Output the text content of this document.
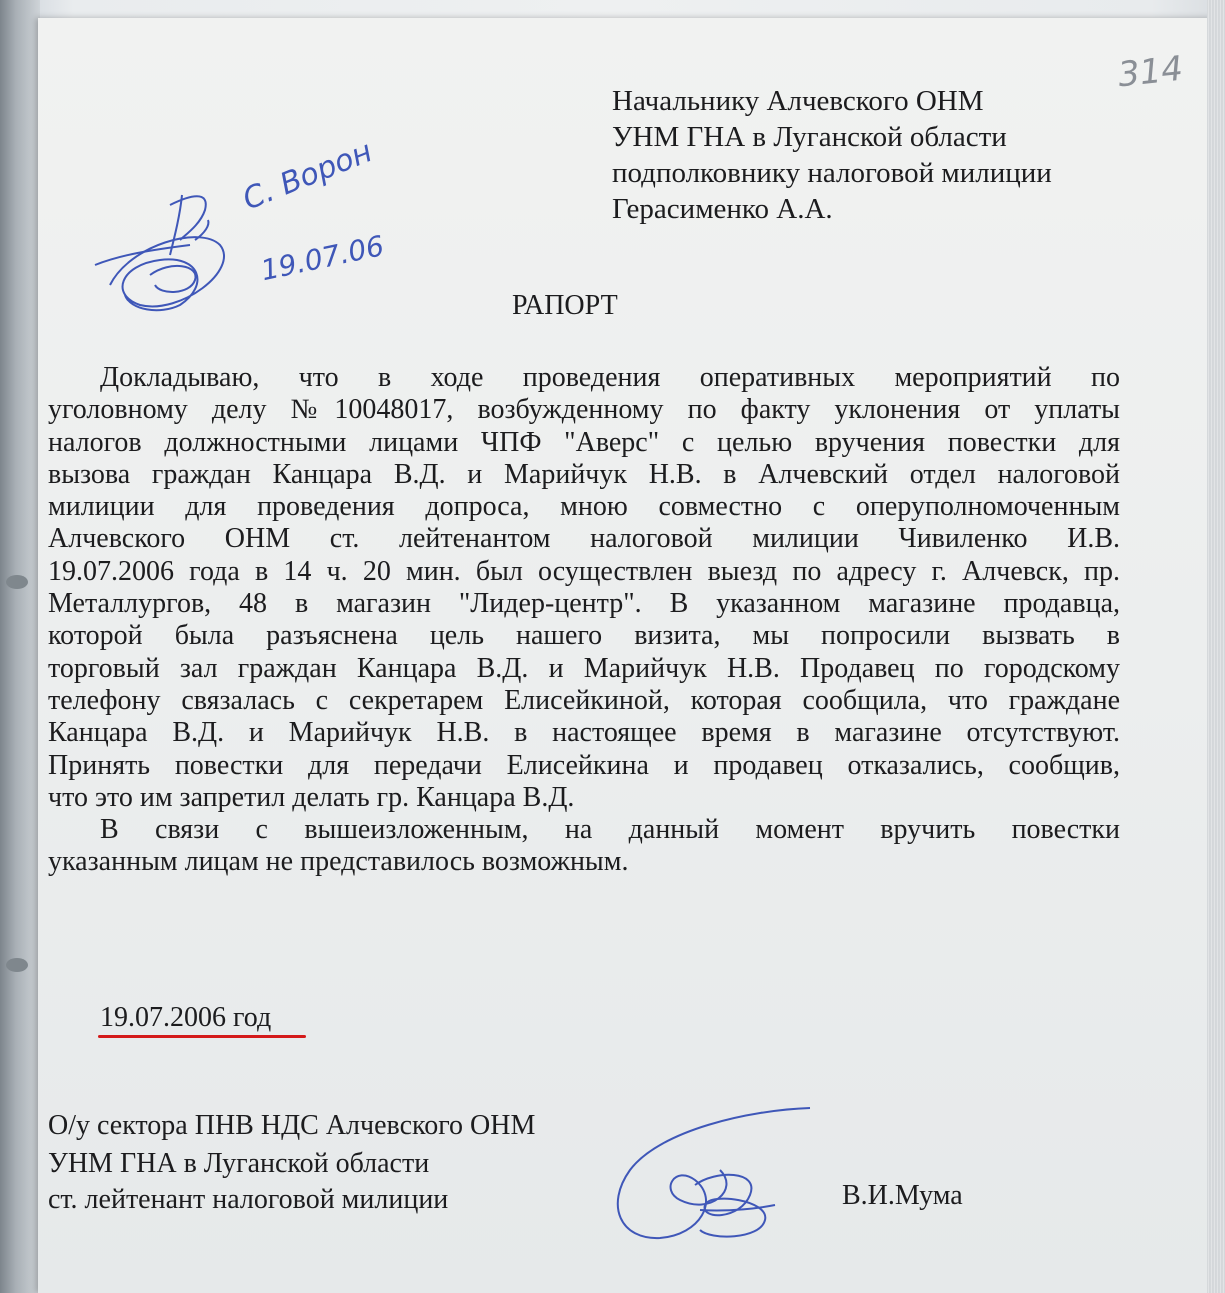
314
Начальнику Алчевского ОНМ
УНМ ГНА в Луганской области
подполковнику налоговой милиции
Герасименко А.А.
С. Ворон
19.07.06
РАПОРТ
Докладываю, что в ходе проведения оперативных мероприятий по
уголовному делу №10048017, возбужденному по факту уклонения от уплаты
налогов должностными лицами ЧПФ "Аверс" с целью вручения повестки для
вызова граждан Канцара В.Д. и Марийчук Н.В. в Алчевский отдел налоговой
милиции для проведения допроса, мною совместно с оперуполномоченным
Алчевского ОНМ ст. лейтенантом налоговой милиции Чивиленко И.В.
19.07.2006 года в 14 ч. 20 мин. был осуществлен выезд по адресу г. Алчевск, пр.
Металлургов, 48 в магазин "Лидер-центр". В указанном магазине продавца,
которой была разъяснена цель нашего визита, мы попросили вызвать в
торговый зал граждан Канцара В.Д. и Марийчук Н.В. Продавец по городскому
телефону связалась с секретарем Елисейкиной, которая сообщила, что граждане
Канцара В.Д. и Марийчук Н.В. в настоящее время в магазине отсутствуют.
Принять повестки для передачи Елисейкина и продавец отказались, сообщив,
что это им запретил делать гр. Канцара В.Д.
В связи с вышеизложенным, на данный момент вручить повестки
указанным лицам не представилось возможным.
19.07.2006 год
О/у сектора ПНВ НДС Алчевского ОНМ
УНМ ГНА в Луганской области
ст. лейтенант налоговой милиции	В.И.Мума
